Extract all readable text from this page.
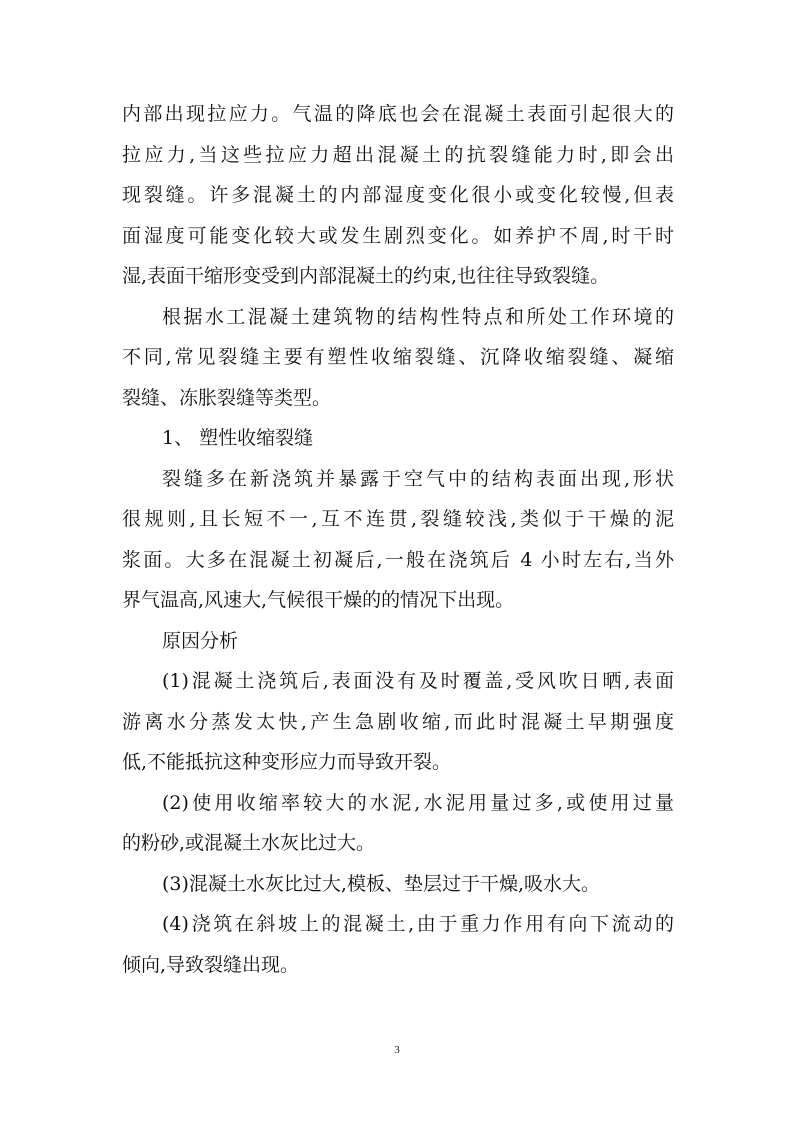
内部出现拉应力。气温的降底也会在混凝土表面引起很大的
拉应力,当这些拉应力超出混凝土的抗裂缝能力时,即会出
现裂缝。许多混凝土的内部湿度变化很小或变化较慢,但表
面湿度可能变化较大或发生剧烈变化。如养护不周,时干时
湿,表面干缩形变受到内部混凝土的约束,也往往导致裂缝。
根据水工混凝土建筑物的结构性特点和所处工作环境的
不同,常见裂缝主要有塑性收缩裂缝、沉降收缩裂缝、凝缩
裂缝、冻胀裂缝等类型。
1、 塑性收缩裂缝
裂缝多在新浇筑并暴露于空气中的结构表面出现,形状
很规则,且长短不一,互不连贯,裂缝较浅,类似于干燥的泥
浆面。大多在混凝土初凝后,一般在浇筑后 4 小时左右,当外
界气温高,风速大,气候很干燥的的情况下出现。
原因分析
(1)混凝土浇筑后,表面没有及时覆盖,受风吹日晒,表面
游离水分蒸发太快,产生急剧收缩,而此时混凝土早期强度
低,不能抵抗这种变形应力而导致开裂。
(2)使用收缩率较大的水泥,水泥用量过多,或使用过量
的粉砂,或混凝土水灰比过大。
(3)混凝土水灰比过大,模板、垫层过于干燥,吸水大。
(4)浇筑在斜坡上的混凝土,由于重力作用有向下流动的
倾向,导致裂缝出现。
3
